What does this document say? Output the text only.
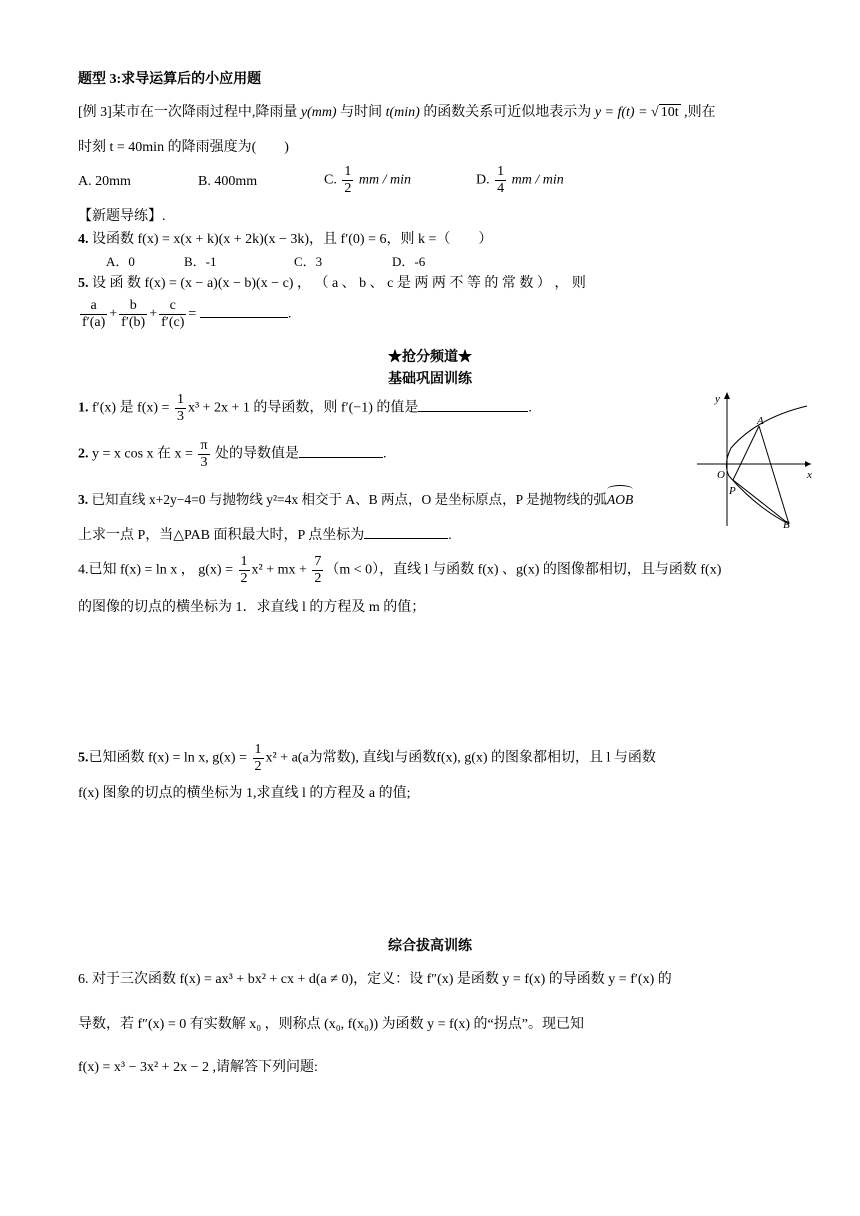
题型 3:求导运算后的小应用题
[例 3]某市在一次降雨过程中,降雨量 y(mm) 与时间 t(min) 的函数关系可近似地表示为 y = f(t) = √ 10t ,则在
时刻 t = 40min 的降雨强度为(　　)
A. 20mm	B. 400mm	C. $\frac{1}{2}$ mm / min	D. $\frac{1}{4}$ mm / min
【新题导练】.
4. 设函数 f(x) = x(x + k)(x + 2k)(x − 3k)，且 f′(0) = 6，则 k =（　　）
A．0	B．-1	C．3	D．-6
5. 设 函 数 f(x) = (x − a)(x − b)(x − c) ， （ a 、 b 、 c 是 两 两 不 等 的 常 数 ） ， 则
$\frac{a}{f'(a)} + \frac{b}{f'(b)} + \frac{c}{f'(c)}$ =	.
★抢分频道★
基础巩固训练
1. f′(x) 是 $f(x) = \frac{1}{3} x^3 + 2x + 1$ 的导函数，则 f′(−1) 的值是	.
2. y = x cos x 在 $x = \frac{\pi}{3}$ 处的导数值是	.
3. 已知直线 x+2y−4=0 与抛物线 y²=4x 相交于 A、B 两点，O 是坐标原点，P 是抛物线的弧
AOB
上求一点 P，当△PAB 面积最大时，P 点坐标为	.
y
x
A
O
P
B
4.已知 f(x) = ln x ， $g(x) = \frac{1}{2} x^2$ + mx + $\frac{7}{2} (m < 0)$，直线 l 与函数 f(x) 、g(x) 的图像都相切，且与函数 f(x)
的图像的切点的横坐标为 1．求直线 l 的方程及 m 的值；
5.已知函数 f(x) = ln x, $g(x) = \frac{1}{2} x^2 + a(a$为常数), 直线l与函数f(x), g(x) 的图象都相切，且 l 与函数
f(x) 图象的切点的横坐标为 1,求直线 l 的方程及 a 的值;
综合拔高训练
6. 对于三次函数 f(x) = ax³ + bx² + cx + d(a ≠ 0)，定义：设 f″(x) 是函数 y = f(x) 的导函数 y = f′(x) 的
导数，若 f″(x) = 0 有实数解 x₀ ，则称点 (x₀, f(x₀)) 为函数 y = f(x) 的“拐点”。现已知
f(x) = x³ − 3x² + 2x − 2 ,请解答下列问题:
